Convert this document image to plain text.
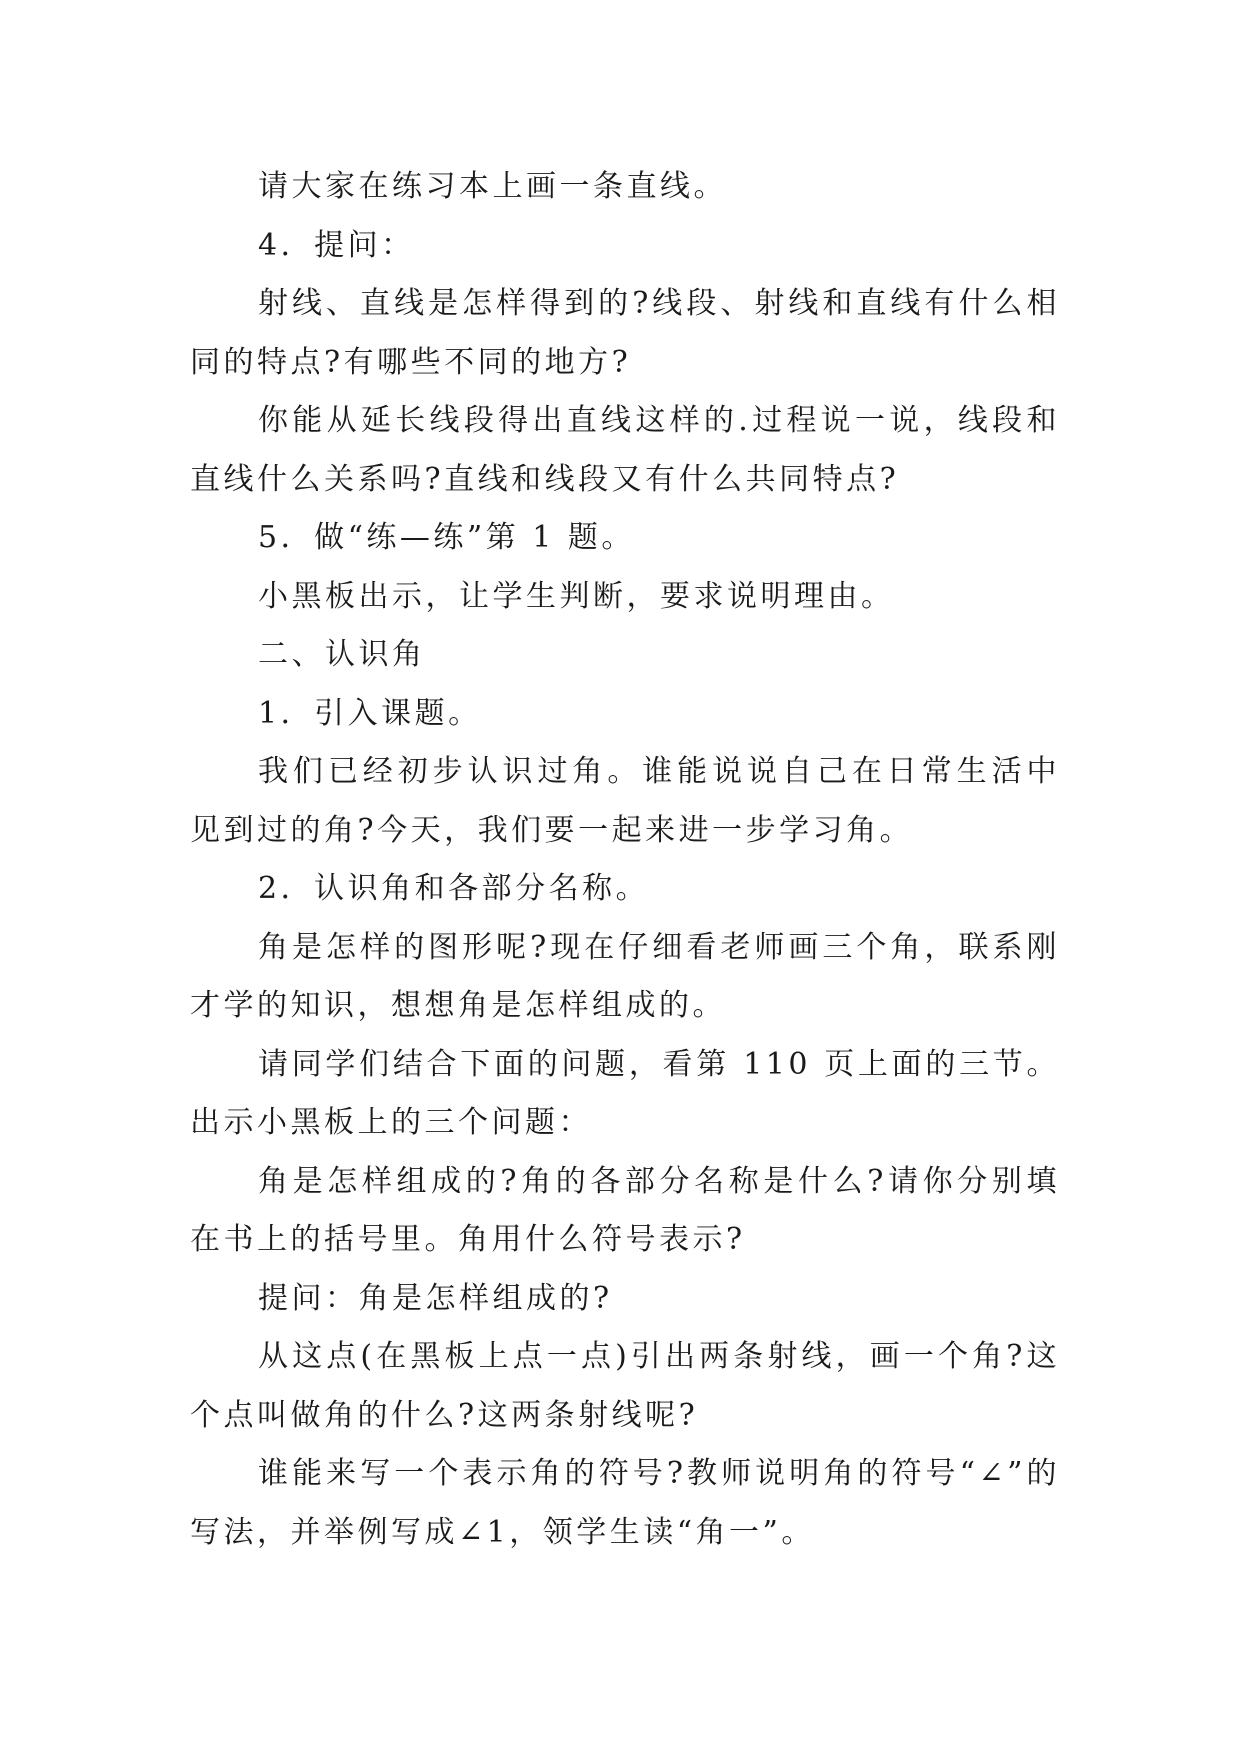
请大家在练习本上画一条直线。

4．提问：

射线、直线是怎样得到的?线段、射线和直线有什么相同的特点?有哪些不同的地方?

你能从延长线段得出直线这样的.过程说一说，线段和直线什么关系吗?直线和线段又有什么共同特点?

5．做“练—练”第 1 题。

小黑板出示，让学生判断，要求说明理由。

二、认识角

1．引入课题。

我们已经初步认识过角。谁能说说自己在日常生活中见到过的角?今天，我们要一起来进一步学习角。

2．认识角和各部分名称。

角是怎样的图形呢?现在仔细看老师画三个角，联系刚才学的知识，想想角是怎样组成的。

请同学们结合下面的问题，看第 110 页上面的三节。出示小黑板上的三个问题：

角是怎样组成的?角的各部分名称是什么?请你分别填在书上的括号里。角用什么符号表示?

提问：角是怎样组成的?

从这点(在黑板上点一点)引出两条射线，画一个角?这个点叫做角的什么?这两条射线呢?

谁能来写一个表示角的符号?教师说明角的符号“∠”的写法，并举例写成∠1，领学生读“角一”。
